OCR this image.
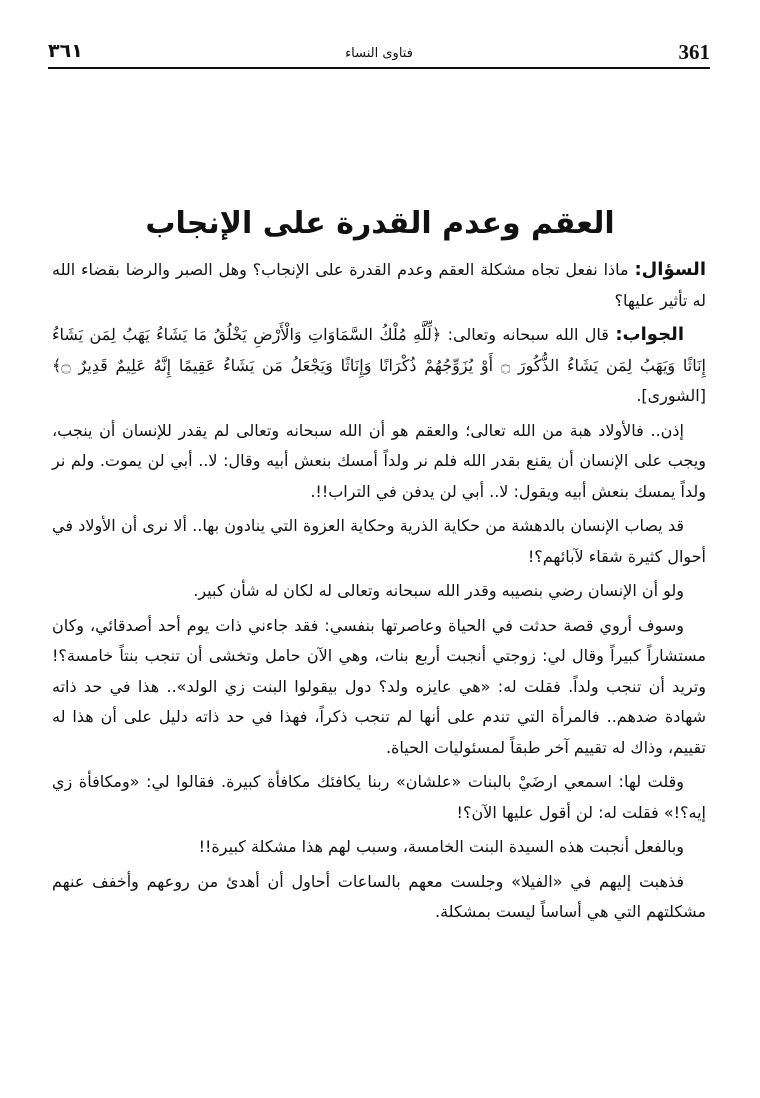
361
فتاوى النساء
٣٦١
العقم وعدم القدرة على الإنجاب

السؤال: ماذا نفعل تجاه مشكلة العقم وعدم القدرة على الإنجاب؟ وهل الصبر والرضا بقضاء الله له تأثير عليها؟

الجواب: قال الله سبحانه وتعالى: ﴿لِّلَّهِ مُلْكُ السَّمَاوَاتِ وَالْأَرْضِ يَخْلُقُ مَا يَشَاءُ يَهَبُ لِمَن يَشَاءُ إِنَاثًا وَيَهَبُ لِمَن يَشَاءُ الذُّكُورَ ۝ أَوْ يُزَوِّجُهُمْ ذُكْرَانًا وَإِنَاثًا وَيَجْعَلُ مَن يَشَاءُ عَقِيمًا إِنَّهُ عَلِيمٌ قَدِيرٌ ۝﴾ [الشورى].

إذن.. فالأولاد هبة من الله تعالى؛ والعقم هو أن الله سبحانه وتعالى لم يقدر للإنسان أن ينجب، ويجب على الإنسان أن يقنع بقدر الله فلم نر ولداً أمسك بنعش أبيه وقال: لا.. أبي لن يموت. ولم نر ولداً يمسك بنعش أبيه ويقول: لا.. أبي لن يدفن في التراب!!.

قد يصاب الإنسان بالدهشة من حكاية الذرية وحكاية العزوة التي ينادون بها.. ألا نرى أن الأولاد في أحوال كثيرة شقاء لآبائهم؟!

ولو أن الإنسان رضي بنصيبه وقدر الله سبحانه وتعالى له لكان له شأن كبير.

وسوف أروي قصة حدثت في الحياة وعاصرتها بنفسي: فقد جاءني ذات يوم أحد أصدقائي، وكان مستشاراً كبيراً وقال لي: زوجتي أنجبت أربع بنات، وهي الآن حامل وتخشى أن تنجب بنتاً خامسة؟! وتريد أن تنجب ولداً. فقلت له: «هي عايزه ولد؟ دول بيقولوا البنت زي الولد».. هذا في حد ذاته شهادة ضدهم.. فالمرأة التي تندم على أنها لم تنجب ذكراً، فهذا في حد ذاته دليل على أن هذا له تقييم، وذاك له تقييم آخر طبقاً لمسئوليات الحياة.

وقلت لها: اسمعي ارضَيْ بالبنات «علشان» ربنا يكافئك مكافأة كبيرة. فقالوا لي: «ومكافأة زي إيه؟!» فقلت له: لن أقول عليها الآن؟!

وبالفعل أنجبت هذه السيدة البنت الخامسة، وسبب لهم هذا مشكلة كبيرة!!

فذهبت إليهم في «الفيلا» وجلست معهم بالساعات أحاول أن أهدئ من روعهم وأخفف عنهم مشكلتهم التي هي أساساً ليست بمشكلة.
